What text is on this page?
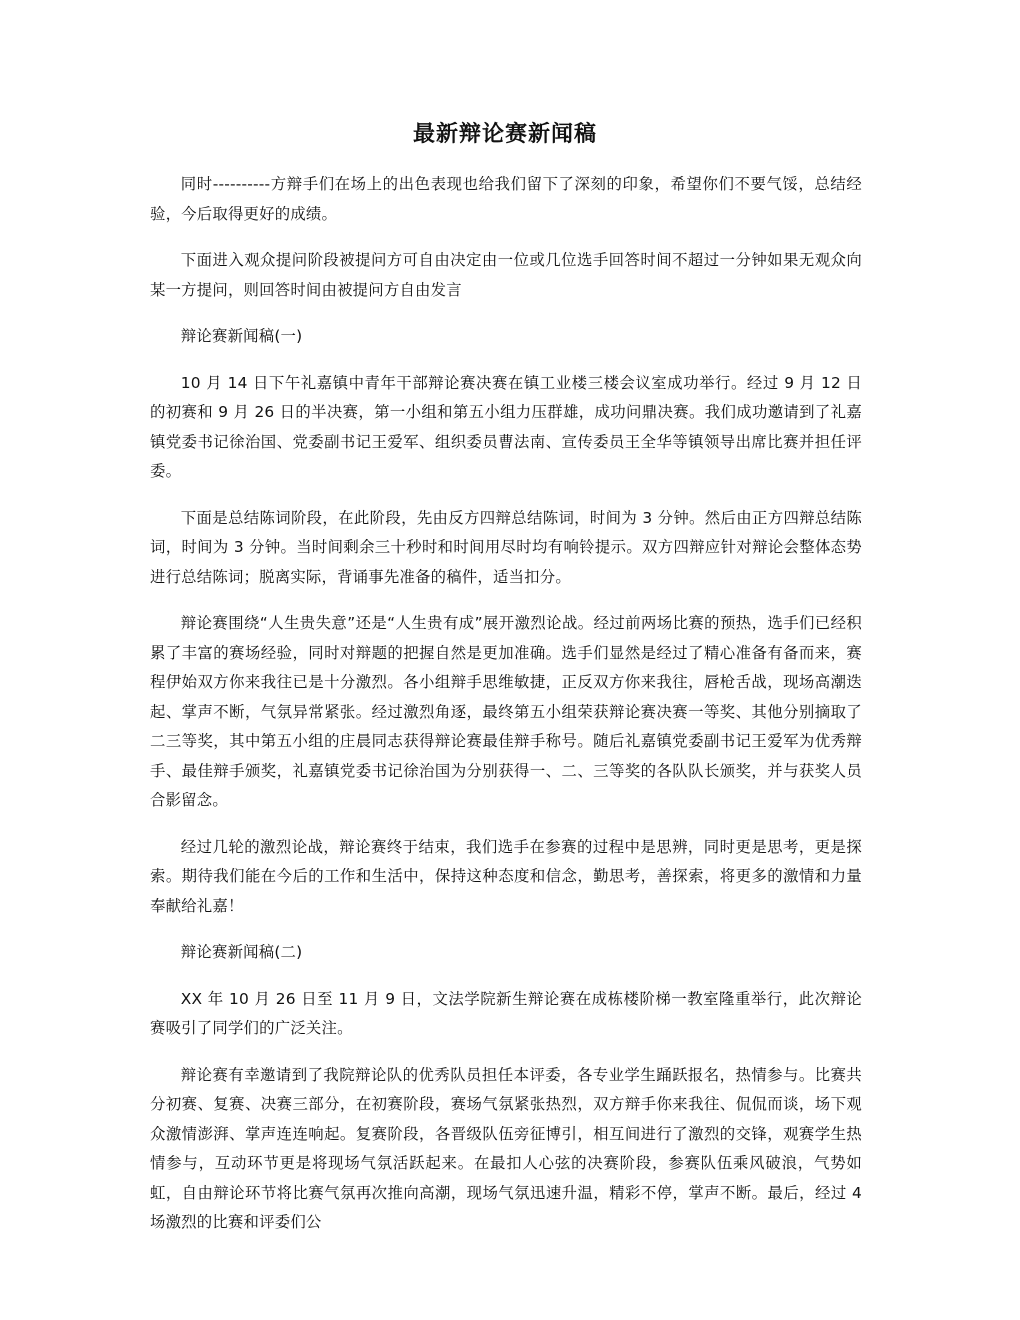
最新辩论赛新闻稿

同时----------方辩手们在场上的出色表现也给我们留下了深刻的印象，希望你们不要气馁，总结经验，今后取得更好的成绩。

下面进入观众提问阶段被提问方可自由决定由一位或几位选手回答时间不超过一分钟如果无观众向某一方提问，则回答时间由被提问方自由发言

辩论赛新闻稿(一)

10 月 14 日下午礼嘉镇中青年干部辩论赛决赛在镇工业楼三楼会议室成功举行。经过 9 月 12 日的初赛和 9 月 26 日的半决赛，第一小组和第五小组力压群雄，成功问鼎决赛。我们成功邀请到了礼嘉镇党委书记徐治国、党委副书记王爱军、组织委员曹法南、宣传委员王全华等镇领导出席比赛并担任评委。

下面是总结陈词阶段，在此阶段，先由反方四辩总结陈词，时间为 3 分钟。然后由正方四辩总结陈词，时间为 3 分钟。当时间剩余三十秒时和时间用尽时均有响铃提示。双方四辩应针对辩论会整体态势进行总结陈词；脱离实际，背诵事先准备的稿件，适当扣分。

辩论赛围绕“人生贵失意”还是“人生贵有成”展开激烈论战。经过前两场比赛的预热，选手们已经积累了丰富的赛场经验，同时对辩题的把握自然是更加准确。选手们显然是经过了精心准备有备而来，赛程伊始双方你来我往已是十分激烈。各小组辩手思维敏捷，正反双方你来我往，唇枪舌战，现场高潮迭起、掌声不断，气氛异常紧张。经过激烈角逐，最终第五小组荣获辩论赛决赛一等奖、其他分别摘取了二三等奖，其中第五小组的庄晨同志获得辩论赛最佳辩手称号。随后礼嘉镇党委副书记王爱军为优秀辩手、最佳辩手颁奖，礼嘉镇党委书记徐治国为分别获得一、二、三等奖的各队队长颁奖，并与获奖人员合影留念。

经过几轮的激烈论战，辩论赛终于结束，我们选手在参赛的过程中是思辨，同时更是思考，更是探索。期待我们能在今后的工作和生活中，保持这种态度和信念，勤思考，善探索，将更多的激情和力量奉献给礼嘉！

辩论赛新闻稿(二)

XX 年 10 月 26 日至 11 月 9 日，文法学院新生辩论赛在成栋楼阶梯一教室隆重举行，此次辩论赛吸引了同学们的广泛关注。

辩论赛有幸邀请到了我院辩论队的优秀队员担任本评委，各专业学生踊跃报名，热情参与。比赛共分初赛、复赛、决赛三部分，在初赛阶段，赛场气氛紧张热烈，双方辩手你来我往、侃侃而谈，场下观众激情澎湃、掌声连连响起。复赛阶段，各晋级队伍旁征博引，相互间进行了激烈的交锋，观赛学生热情参与，互动环节更是将现场气氛活跃起来。在最扣人心弦的决赛阶段，参赛队伍乘风破浪，气势如虹，自由辩论环节将比赛气氛再次推向高潮，现场气氛迅速升温，精彩不停，掌声不断。最后，经过 4 场激烈的比赛和评委们公
